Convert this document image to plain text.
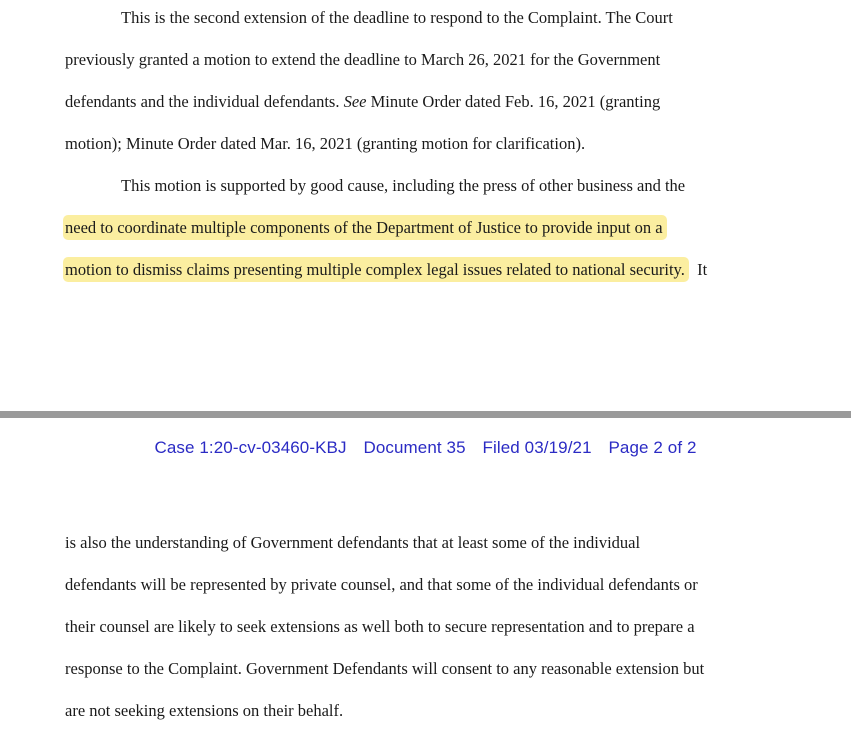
This is the second extension of the deadline to respond to the Complaint. The Court

previously granted a motion to extend the deadline to March 26, 2021 for the Government

defendants and the individual defendants. See Minute Order dated Feb. 16, 2021 (granting

motion); Minute Order dated Mar. 16, 2021 (granting motion for clarification).

This motion is supported by good cause, including the press of other business and the

need to coordinate multiple components of the Department of Justice to provide input on a

motion to dismiss claims presenting multiple complex legal issues related to national security. It

Case 1:20-cv-03460-KBJ Document 35 Filed 03/19/21 Page 2 of 2

is also the understanding of Government defendants that at least some of the individual

defendants will be represented by private counsel, and that some of the individual defendants or

their counsel are likely to seek extensions as well both to secure representation and to prepare a

response to the Complaint. Government Defendants will consent to any reasonable extension but

are not seeking extensions on their behalf.
